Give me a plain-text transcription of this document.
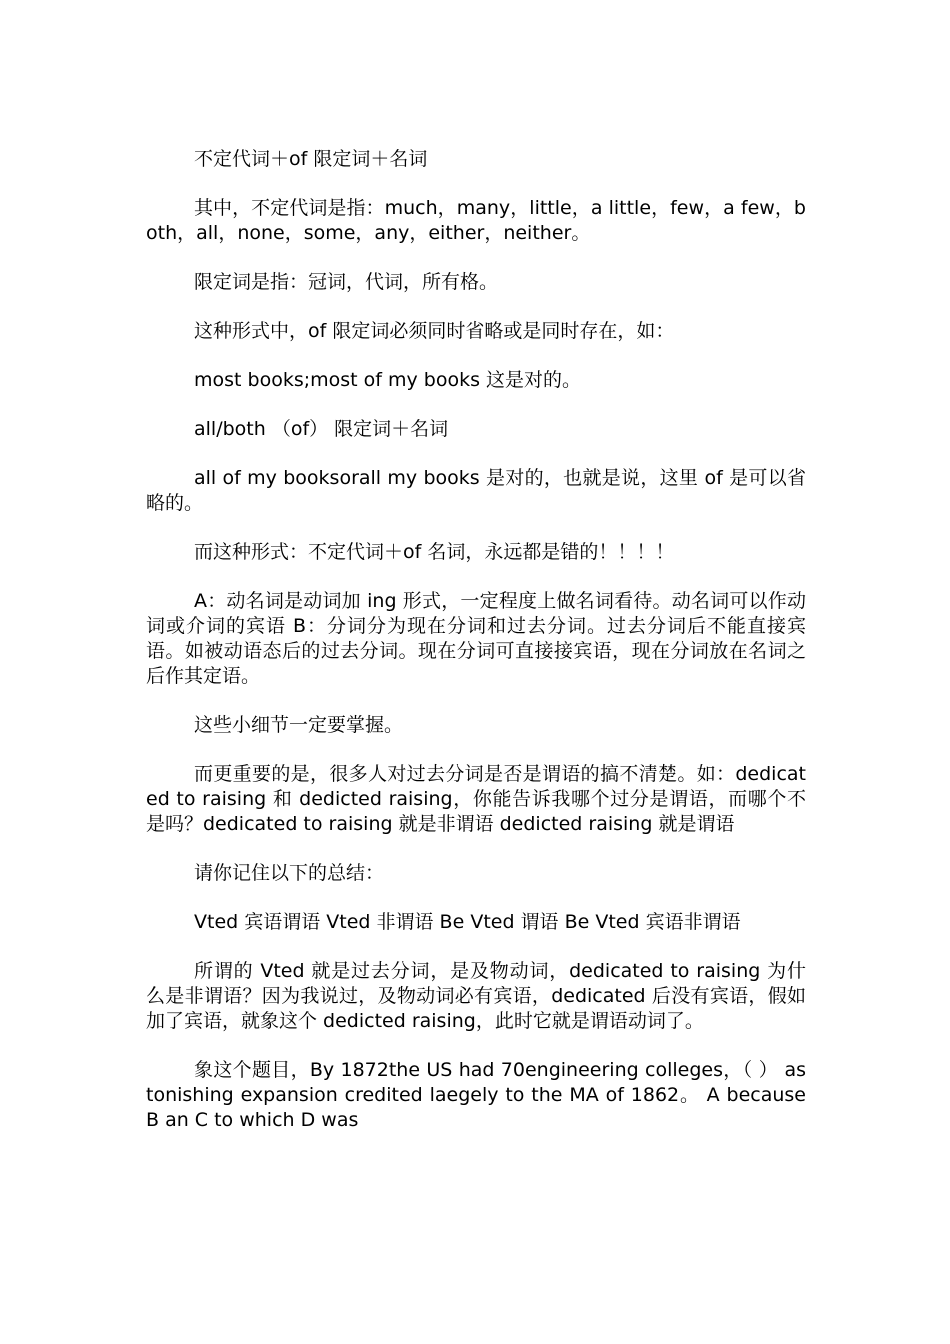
不定代词＋of 限定词＋名词

其中，不定代词是指：much，many，little，a little，few，a few，both，all，none，some，any，either，neither。

限定词是指：冠词，代词，所有格。

这种形式中，of 限定词必须同时省略或是同时存在，如：

most books;most of my books 这是对的。

all/both （of） 限定词＋名词

all of my booksorall my books 是对的，也就是说，这里 of 是可以省略的。

而这种形式：不定代词＋of 名词，永远都是错的！！！！

A：动名词是动词加 ing 形式，一定程度上做名词看待。动名词可以作动词或介词的宾语 B：分词分为现在分词和过去分词。过去分词后不能直接宾语。如被动语态后的过去分词。现在分词可直接接宾语，现在分词放在名词之后作其定语。

这些小细节一定要掌握。

而更重要的是，很多人对过去分词是否是谓语的搞不清楚。如：dedicated to raising 和 dedicted raising，你能告诉我哪个过分是谓语，而哪个不是吗？dedicated to raising 就是非谓语 dedicted raising 就是谓语

请你记住以下的总结：

Vted 宾语谓语 Vted 非谓语 Be Vted 谓语 Be Vted 宾语非谓语

所谓的 Vted 就是过去分词，是及物动词，dedicated to raising 为什么是非谓语？因为我说过，及物动词必有宾语，dedicated 后没有宾语，假如加了宾语，就象这个 dedicted raising，此时它就是谓语动词了。

象这个题目，By 1872the US had 70engineering colleges，（ ） astonishing expansion credited laegely to the MA of 1862。 A because B an C to which D was
